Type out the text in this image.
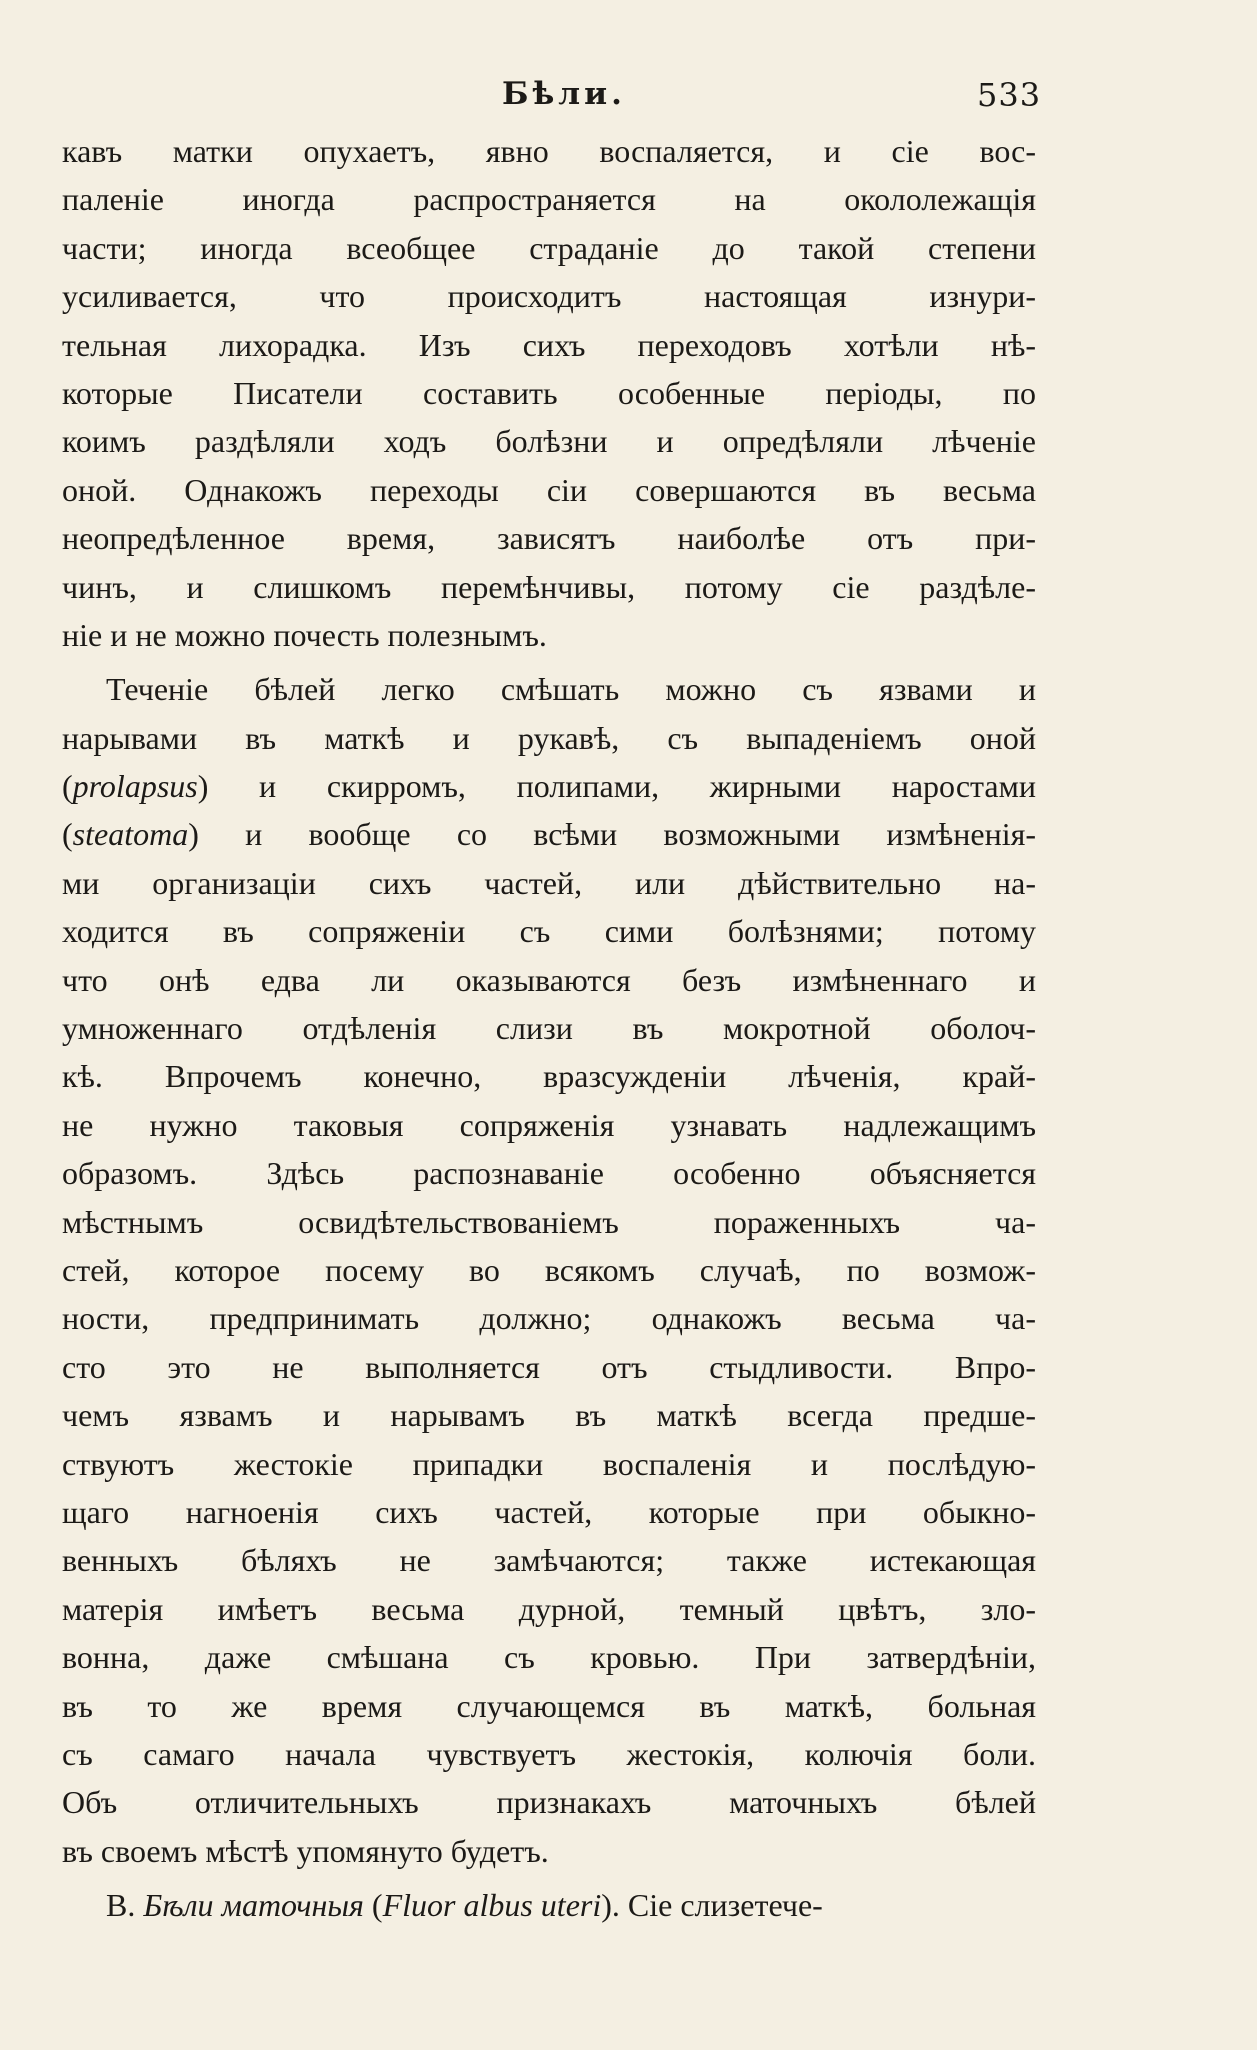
Бѣли.	533
кавъ матки опухаетъ, явно воспаляется, и сіе вос-
паленіе иногда распространяется на окололежащія
части; иногда всеобщее страданіе до такой степени
усиливается, что происходитъ настоящая изнури-
тельная лихорадка. Изъ сихъ переходовъ хотѣли нѣ-
которые Писатели составить особенные періоды, по
коимъ раздѣляли ходъ болѣзни и опредѣляли лѣченіе
оной. Однакожъ переходы сіи совершаются въ весьма
неопредѣленное время, зависятъ наиболѣе отъ при-
чинъ, и слишкомъ перемѣнчивы, потому сіе раздѣле-
ніе и не можно почесть полезнымъ.
Теченіе бѣлей легко смѣшать можно съ язвами и
нарывами въ маткѣ и рукавѣ, съ выпаденіемъ оной
(prolapsus) и скирромъ, полипами, жирными наростами
(steatoma) и вообще со всѣми возможными измѣненія-
ми организаціи сихъ частей, или дѣйствительно на-
ходится въ сопряженіи съ сими болѣзнями; потому
что онѣ едва ли оказываются безъ измѣненнаго и
умноженнаго отдѣленія слизи въ мокротной оболоч-
кѣ. Впрочемъ конечно, вразсужденіи лѣченія, край-
не нужно таковыя сопряженія узнавать надлежащимъ
образомъ. Здѣсь распознаваніе особенно объясняется
мѣстнымъ освидѣтельствованіемъ пораженныхъ ча-
стей, которое посему во всякомъ случаѣ, по возмож-
ности, предпринимать должно; однакожъ весьма ча-
сто это не выполняется отъ стыдливости. Впро-
чемъ язвамъ и нарывамъ въ маткѣ всегда предше-
ствуютъ жестокіе припадки воспаленія и послѣдую-
щаго нагноенія сихъ частей, которые при обыкно-
венныхъ бѣляхъ не замѣчаются; также истекающая
матерія имѣетъ весьма дурной, темный цвѣтъ, зло-
вонна, даже смѣшана съ кровью. При затвердѣніи,
въ то же время случающемся въ маткѣ, больная
съ самаго начала чувствуетъ жестокія, колючія боли.
Объ отличительныхъ признакахъ маточныхъ бѣлей
въ своемъ мѣстѣ упомянуто будетъ.
B. Бѣли маточныя (Fluor albus uteri). Сіе слизетече-
